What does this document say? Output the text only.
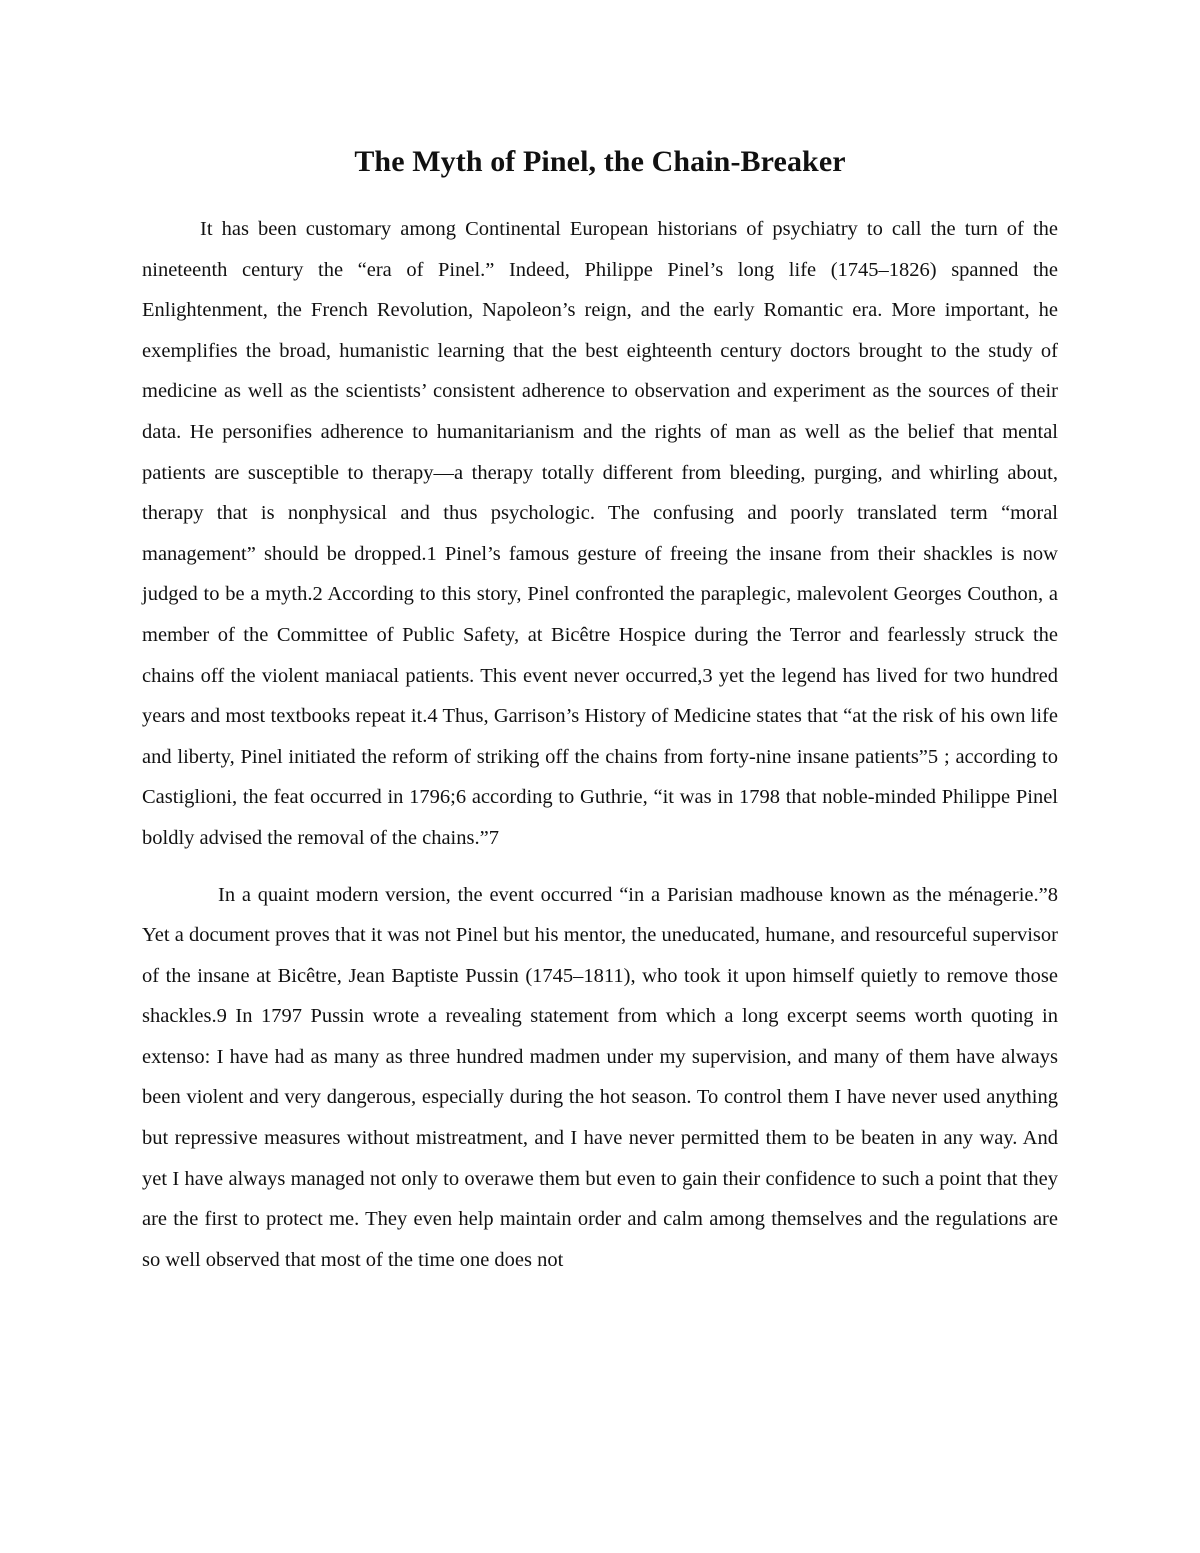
The Myth of Pinel, the Chain-Breaker

It has been customary among Continental European historians of psychiatry to call the turn of the nineteenth century the “era of Pinel.” Indeed, Philippe Pinel’s long life (1745–1826) spanned the Enlightenment, the French Revolution, Napoleon’s reign, and the early Romantic era. More important, he exemplifies the broad, humanistic learning that the best eighteenth century doctors brought to the study of medicine as well as the scientists’ consistent adherence to observation and experiment as the sources of their data. He personifies adherence to humanitarianism and the rights of man as well as the belief that mental patients are susceptible to therapy—a therapy totally different from bleeding, purging, and whirling about, therapy that is nonphysical and thus psychologic. The confusing and poorly translated term “moral management” should be dropped.1 Pinel’s famous gesture of freeing the insane from their shackles is now judged to be a myth.2 According to this story, Pinel confronted the paraplegic, malevolent Georges Couthon, a member of the Committee of Public Safety, at Bicêtre Hospice during the Terror and fearlessly struck the chains off the violent maniacal patients. This event never occurred,3 yet the legend has lived for two hundred years and most textbooks repeat it.4 Thus, Garrison’s History of Medicine states that “at the risk of his own life and liberty, Pinel initiated the reform of striking off the chains from forty-nine insane patients”5 ; according to Castiglioni, the feat occurred in 1796;6 according to Guthrie, “it was in 1798 that noble-minded Philippe Pinel boldly advised the removal of the chains.”7

In a quaint modern version, the event occurred “in a Parisian madhouse known as the ménagerie.”8 Yet a document proves that it was not Pinel but his mentor, the uneducated, humane, and resourceful supervisor of the insane at Bicêtre, Jean Baptiste Pussin (1745–1811), who took it upon himself quietly to remove those shackles.9 In 1797 Pussin wrote a revealing statement from which a long excerpt seems worth quoting in extenso: I have had as many as three hundred madmen under my supervision, and many of them have always been violent and very dangerous, especially during the hot season. To control them I have never used anything but repressive measures without mistreatment, and I have never permitted them to be beaten in any way. And yet I have always managed not only to overawe them but even to gain their confidence to such a point that they are the first to protect me. They even help maintain order and calm among themselves and the regulations are so well observed that most of the time one does not
